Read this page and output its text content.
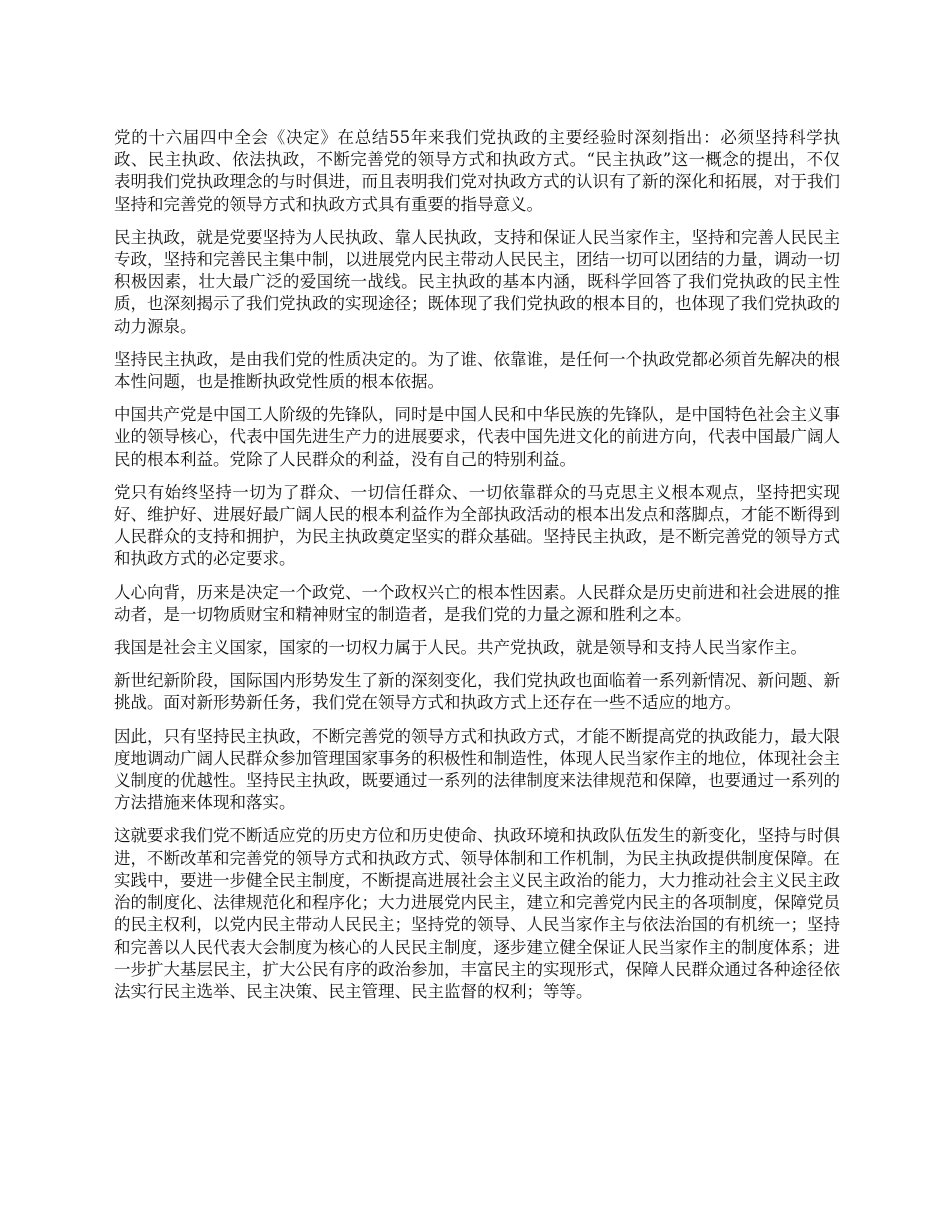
党的十六届四中全会《决定》在总结55年来我们党执政的主要经验时深刻指出：必须坚持科学执政、民主执政、依法执政，不断完善党的领导方式和执政方式。“民主执政”这一概念的提出，不仅表明我们党执政理念的与时俱进，而且表明我们党对执政方式的认识有了新的深化和拓展，对于我们坚持和完善党的领导方式和执政方式具有重要的指导意义。

民主执政，就是党要坚持为人民执政、靠人民执政，支持和保证人民当家作主，坚持和完善人民民主专政，坚持和完善民主集中制，以进展党内民主带动人民民主，团结一切可以团结的力量，调动一切积极因素，壮大最广泛的爱国统一战线。民主执政的基本内涵，既科学回答了我们党执政的民主性质，也深刻揭示了我们党执政的实现途径；既体现了我们党执政的根本目的，也体现了我们党执政的动力源泉。

坚持民主执政，是由我们党的性质决定的。为了谁、依靠谁，是任何一个执政党都必须首先解决的根本性问题，也是推断执政党性质的根本依据。

中国共产党是中国工人阶级的先锋队，同时是中国人民和中华民族的先锋队，是中国特色社会主义事业的领导核心，代表中国先进生产力的进展要求，代表中国先进文化的前进方向，代表中国最广阔人民的根本利益。党除了人民群众的利益，没有自己的特别利益。

党只有始终坚持一切为了群众、一切信任群众、一切依靠群众的马克思主义根本观点，坚持把实现好、维护好、进展好最广阔人民的根本利益作为全部执政活动的根本出发点和落脚点，才能不断得到人民群众的支持和拥护，为民主执政奠定坚实的群众基础。坚持民主执政，是不断完善党的领导方式和执政方式的必定要求。

人心向背，历来是决定一个政党、一个政权兴亡的根本性因素。人民群众是历史前进和社会进展的推动者，是一切物质财宝和精神财宝的制造者，是我们党的力量之源和胜利之本。

我国是社会主义国家，国家的一切权力属于人民。共产党执政，就是领导和支持人民当家作主。

新世纪新阶段，国际国内形势发生了新的深刻变化，我们党执政也面临着一系列新情况、新问题、新挑战。面对新形势新任务，我们党在领导方式和执政方式上还存在一些不适应的地方。

因此，只有坚持民主执政，不断完善党的领导方式和执政方式，才能不断提高党的执政能力，最大限度地调动广阔人民群众参加管理国家事务的积极性和制造性，体现人民当家作主的地位，体现社会主义制度的优越性。坚持民主执政，既要通过一系列的法律制度来法律规范和保障，也要通过一系列的方法措施来体现和落实。

这就要求我们党不断适应党的历史方位和历史使命、执政环境和执政队伍发生的新变化，坚持与时俱进，不断改革和完善党的领导方式和执政方式、领导体制和工作机制，为民主执政提供制度保障。在实践中，要进一步健全民主制度，不断提高进展社会主义民主政治的能力，大力推动社会主义民主政治的制度化、法律规范化和程序化；大力进展党内民主，建立和完善党内民主的各项制度，保障党员的民主权利，以党内民主带动人民民主；坚持党的领导、人民当家作主与依法治国的有机统一；坚持和完善以人民代表大会制度为核心的人民民主制度，逐步建立健全保证人民当家作主的制度体系；进一步扩大基层民主，扩大公民有序的政治参加，丰富民主的实现形式，保障人民群众通过各种途径依法实行民主选举、民主决策、民主管理、民主监督的权利；等等。
